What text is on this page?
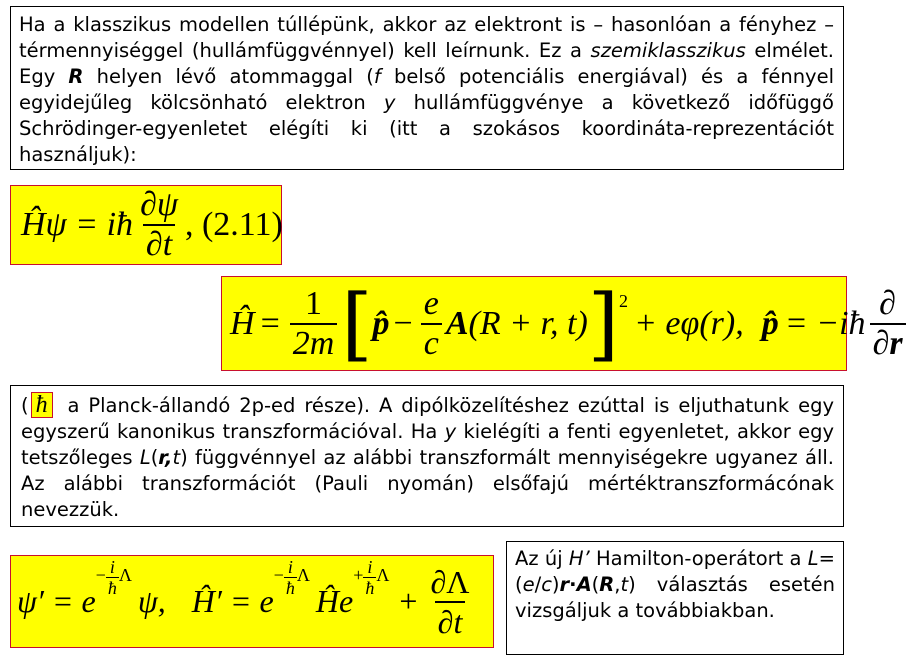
Ha a klasszikus modellen túllépünk, akkor az elektront is – hasonlóan a fényhez – térmennyiséggel (hullámfüggvénnyel) kell leírnunk. Ez a szemiklasszikus elmélet. Egy R helyen lévő atommaggal (f belső potenciális energiával) és a fénnyel egyidejűleg kölcsönható elektron y hullámfüggvénye a következő időfüggő Schrödinger-egyenletet elégíti ki (itt a szokásos koordináta-reprezentációt használjuk):
Ĥψ = iħ $\frac{\partial\psi}{\partial t}$ , (2.11)
Ĥ = $\frac{1}{2m}$ [ p̂ − $\frac{e}{c}$ A (R + r, t) ] 2
+ eφ(r), p̂ = −iħ $\frac{\partial}{\partial r}$
( ħ a Planck-állandó 2p-ed része). A dipólközelítéshez ezúttal is eljuthatunk egy egyszerű kanonikus transzformációval. Ha y kielégíti a fenti egyenletet, akkor egy tetszőleges L(r,t) függvénnyel az alábbi transzformált mennyiségekre ugyanez áll. Az alábbi transzformációt (Pauli nyomán) elsőfajú mértéktranszformácónak nevezzük.
ψ′ = e
− $\frac{i}{ħ}$ Λ
ψ, Ĥ′ = e
− $\frac{i}{ħ}$ Λ
Ĥe
+ $\frac{i}{ħ}$ Λ
+ $\frac{\partial\Lambda}{\partial t}$
Az új H’ Hamilton-operátort a L=(e/c)r·A(R,t) választás esetén vizsgáljuk a továbbiakban.
